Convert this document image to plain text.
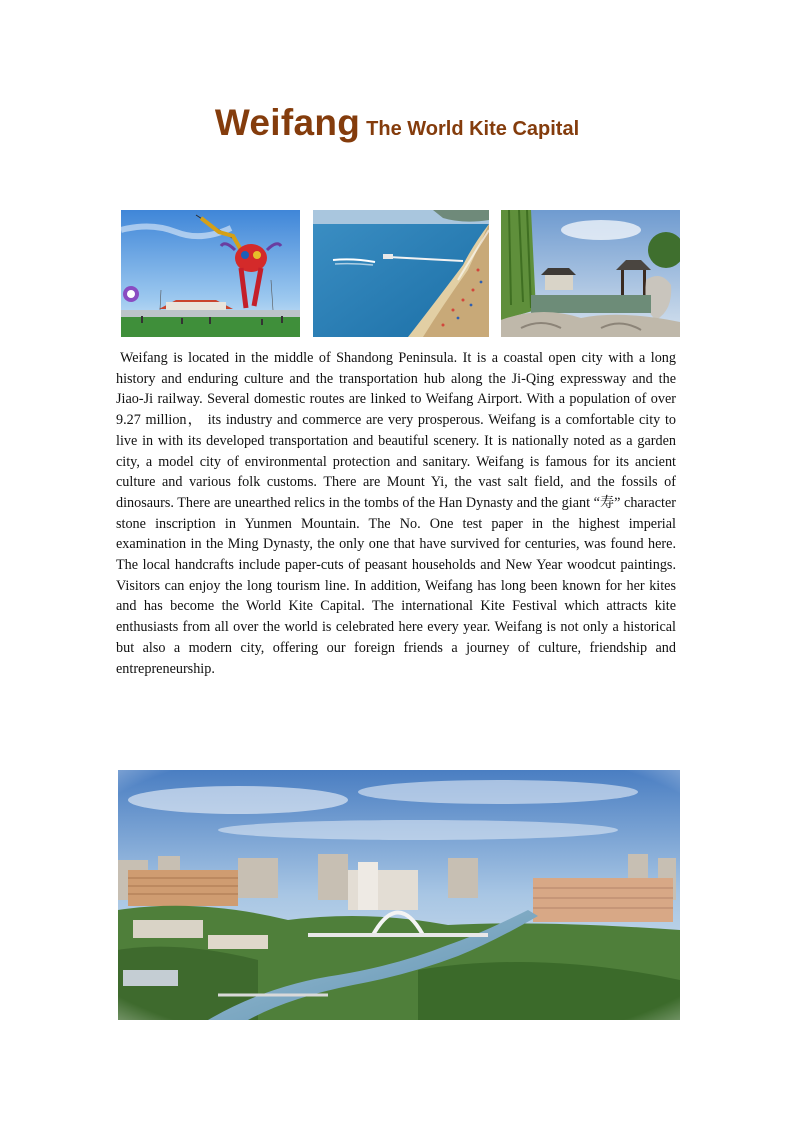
Weifang The World Kite Capital

Weifang is located in the middle of Shandong Peninsula. It is a coastal open city with a long history and enduring culture and the transportation hub along the Ji-Qing expressway and the Jiao-Ji railway. Several domestic routes are linked to Weifang Airport. With a population of over 9.27 million， its industry and commerce are very prosperous. Weifang is a comfortable city to live in with its developed transportation and beautiful scenery. It is nationally noted as a garden city, a model city of environmental protection and sanitary. Weifang is famous for its ancient culture and various folk customs. There are Mount Yi, the vast salt field, and the fossils of dinosaurs. There are unearthed relics in the tombs of the Han Dynasty and the giant “寿” character stone inscription in Yunmen Mountain. The No. One test paper in the highest imperial examination in the Ming Dynasty, the only one that have survived for centuries, was found here. The local handcrafts include paper-cuts of peasant households and New Year woodcut paintings. Visitors can enjoy the long tourism line. In addition, Weifang has long been known for her kites and has become the World Kite Capital. The international Kite Festival which attracts kite enthusiasts from all over the world is celebrated here every year. Weifang is not only a historical but also a modern city, offering our foreign friends a journey of culture, friendship and entrepreneurship.
